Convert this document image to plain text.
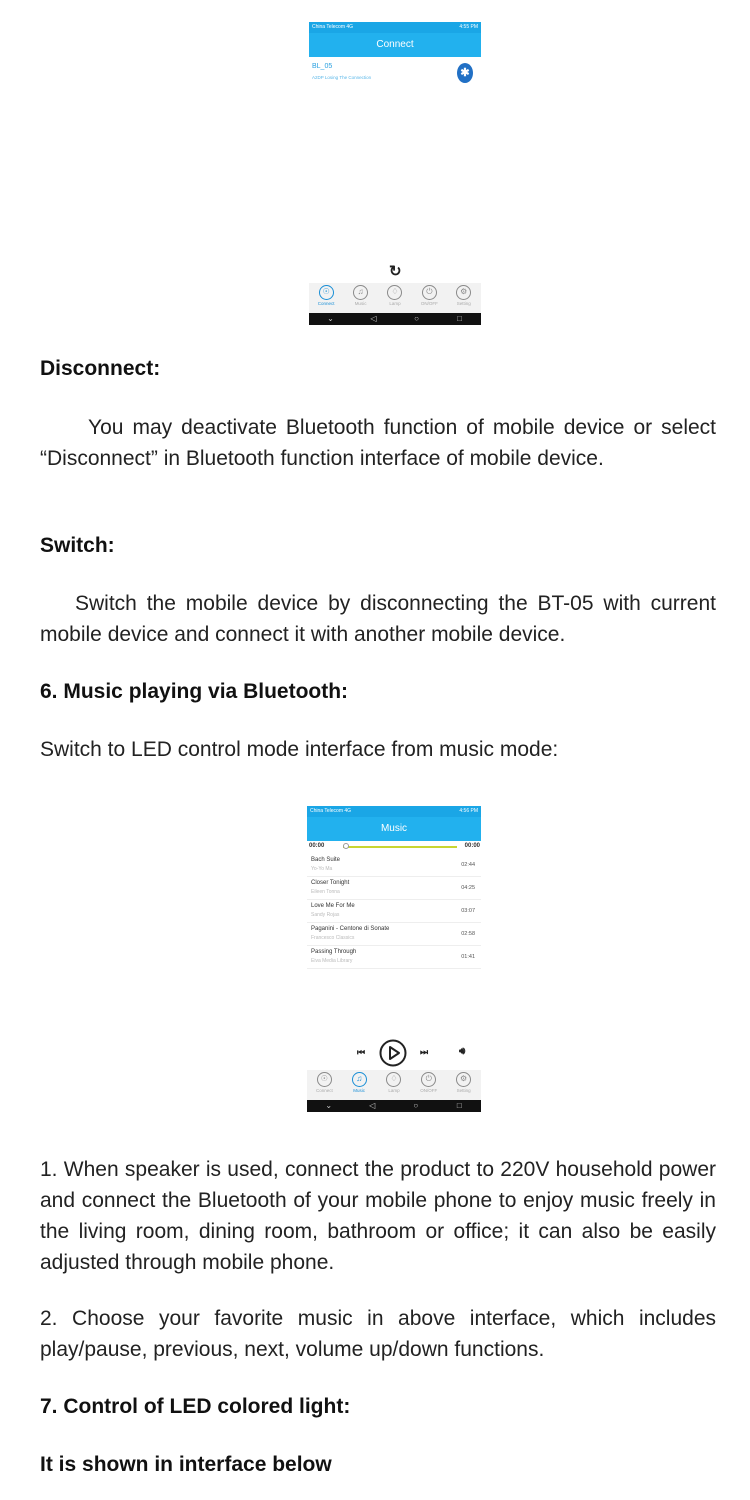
China Telecom 4G	4:55 PM
Connect
BL_05
A2DP Losing The Connection	✱
↻
☉
Connect
♫
Music
♢
Lamp
⏻
ON/OFF
⚙
Setting
⌄	◁	○	□
Disconnect:
You may deactivate Bluetooth function of mobile device or select “Disconnect” in Bluetooth function interface of mobile device.
Switch:
Switch the mobile device by disconnecting the BT-05 with current mobile device and connect it with another mobile device.
6. Music playing via Bluetooth:
Switch to LED control mode interface from music mode:
China Telecom 4G	4:56 PM
Music
00:00	00:00
Bach Suite
Yo-Yo Ma
02:44
Closer Tonight
Eileen Tonna
04:25
Love Me For Me
Sandy Rojas
03:07
Paganini - Centone di Sonate
Francesco Classics
02:58
Passing Through
Eiva Media Library
01:41
⏮	⏭	🔊︎
☉
Connect
♫
Music
♢
Lamp
⏻
ON/OFF
⚙
Setting
⌄	◁	○	□
1. When speaker is used, connect the product to 220V household power and connect the Bluetooth of your mobile phone to enjoy music freely in the living room, dining room, bathroom or office; it can also be easily adjusted through mobile phone.
2. Choose your favorite music in above interface, which includes play/pause, previous, next, volume up/down functions.
7. Control of LED colored light:
It is shown in interface below
